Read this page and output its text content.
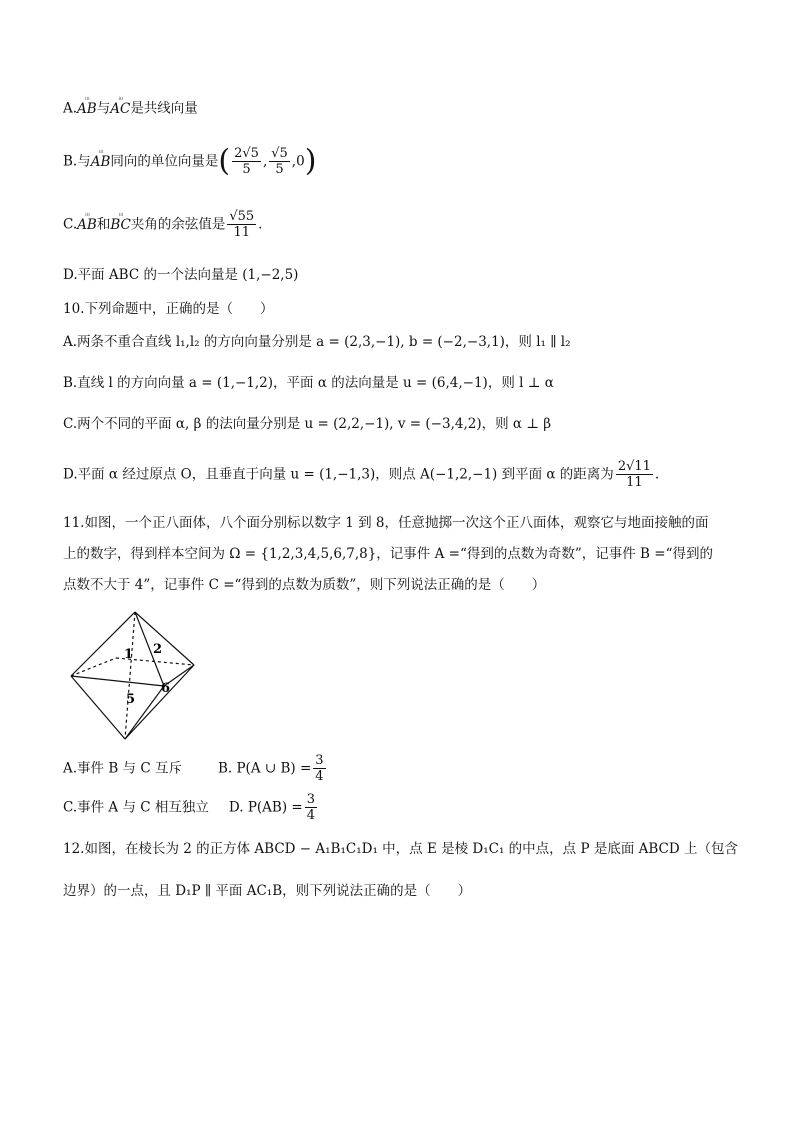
A.ꜜꜜꜜ AB与ꜜꜜꜜ AC是共线向量
B.与ꜜꜜꜜ AB同向的单位向量是( $\frac{2√5}{5}$ , $\frac{√5}{5} ,0$)
C.ꜜꜜꜜ AB和ꜜꜜꜜ BC夹角的余弦值是 $\frac{√55}{11}$ .
D.平面 ABC 的一个法向量是 (1,−2,5)
10.下列命题中，正确的是（　　）
A.两条不重合直线 l₁,l₂ 的方向向量分别是 a = (2,3,−1), b = (−2,−3,1)，则 l₁ ∥ l₂
B.直线 l 的方向向量 a = (1,−1,2)，平面 α 的法向量是 u = (6,4,−1)，则 l ⊥ α
C.两个不同的平面 α, β 的法向量分别是 u = (2,2,−1), v = (−3,4,2)，则 α ⊥ β
D.平面 α 经过原点 O，且垂直于向量 u = (1,−1,3)，则点 A(−1,2,−1) 到平面 α 的距离为 $\frac{2√11}{11}$ .
11.如图，一个正八面体，八个面分别标以数字 1 到 8，任意抛掷一次这个正八面体，观察它与地面接触的面
上的数字，得到样本空间为 Ω = {1,2,3,4,5,6,7,8}，记事件 A =“得到的点数为奇数”，记事件 B =“得到的
点数不大于 4”，记事件 C =“得到的点数为质数”，则下列说法正确的是（　　）
1 2
5
6
A.事件 B 与 C 互斥	B. P(A ∪ $B) = \frac{3}{4}$
C.事件 A 与 C 相互独立 D. $P(AB) = \frac{3}{4}$
12.如图，在棱长为 2 的正方体 ABCD − A₁B₁C₁D₁ 中，点 E 是棱 D₁C₁ 的中点，点 P 是底面 ABCD 上（包含
边界）的一点，且 D₁P ∥ 平面 AC₁B，则下列说法正确的是（　　）
